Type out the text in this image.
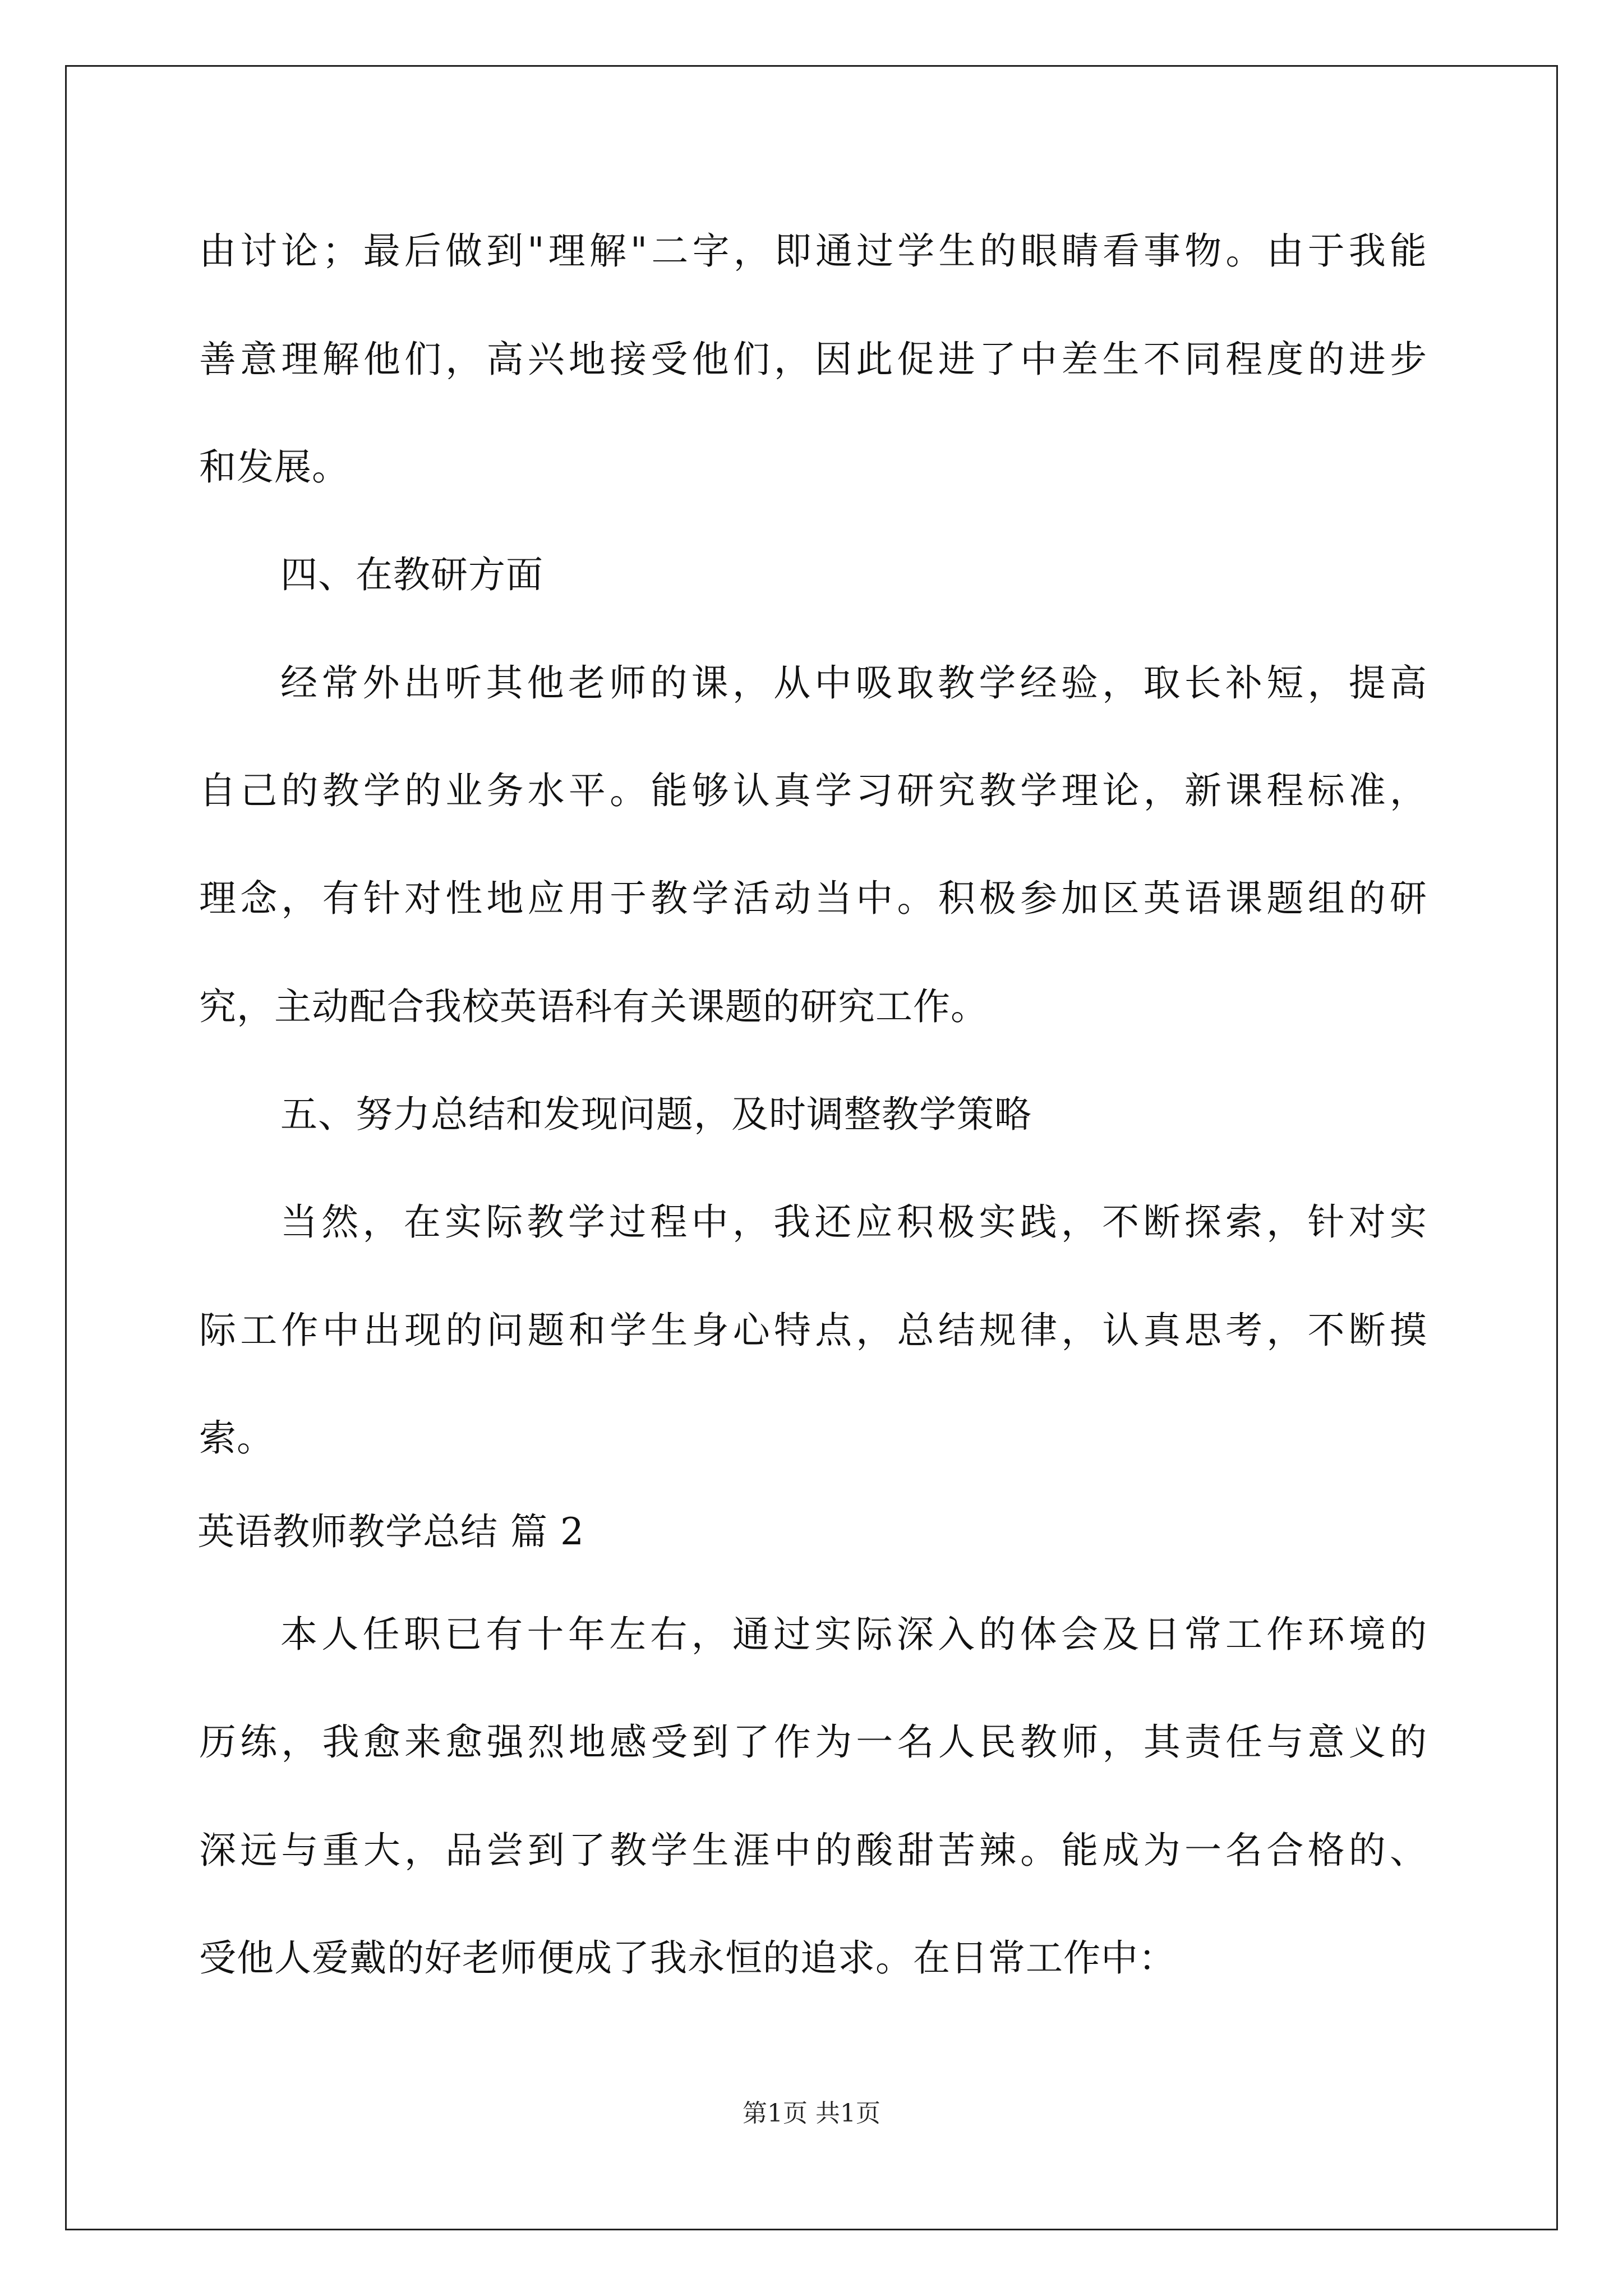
由讨论；最后做到"理解"二字，即通过学生的眼睛看事物。由于我能
善意理解他们，高兴地接受他们，因此促进了中差生不同程度的进步
和发展。
四、在教研方面
经常外出听其他老师的课，从中吸取教学经验，取长补短，提高
自己的教学的业务水平。能够认真学习研究教学理论，新课程标准，
理念，有针对性地应用于教学活动当中。积极参加区英语课题组的研
究，主动配合我校英语科有关课题的研究工作。
五、努力总结和发现问题，及时调整教学策略
当然，在实际教学过程中，我还应积极实践，不断探索，针对实
际工作中出现的问题和学生身心特点，总结规律，认真思考，不断摸
索。
英语教师教学总结 篇 2
本人任职已有十年左右，通过实际深入的体会及日常工作环境的
历练，我愈来愈强烈地感受到了作为一名人民教师，其责任与意义的
深远与重大，品尝到了教学生涯中的酸甜苦辣。能成为一名合格的、
受他人爱戴的好老师便成了我永恒的追求。在日常工作中：
第1页 共1页
